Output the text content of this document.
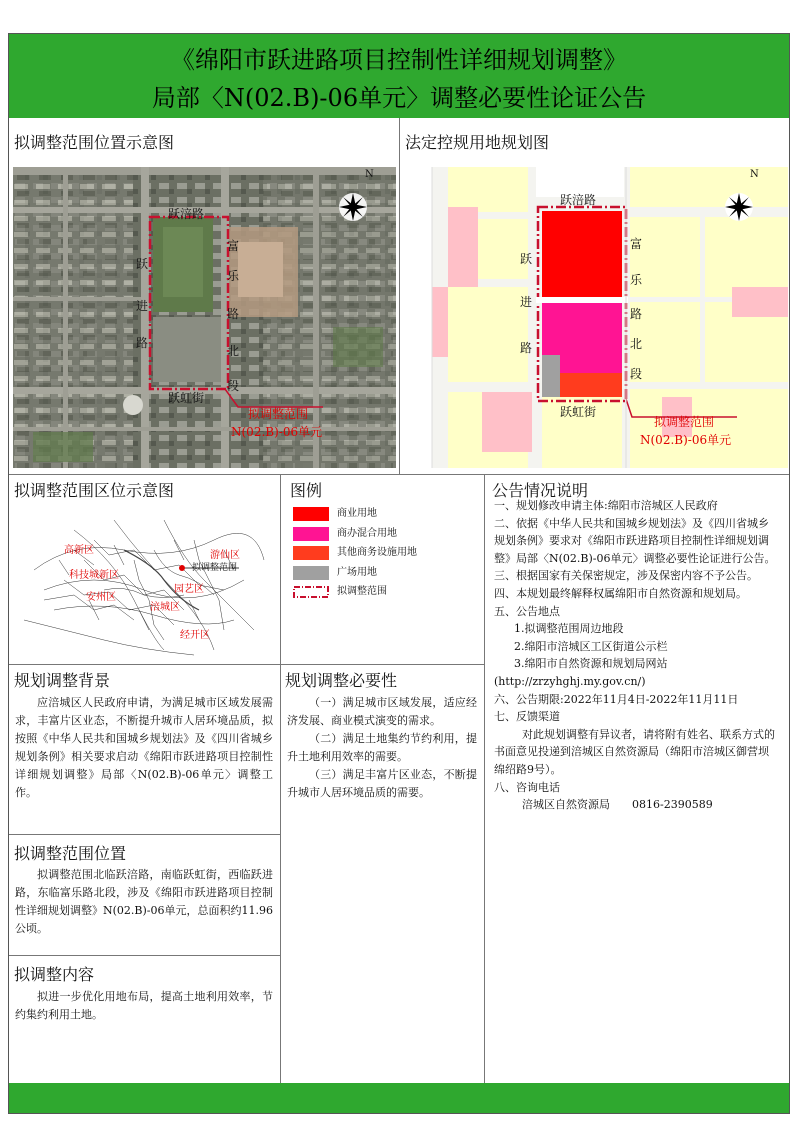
《绵阳市跃进路项目控制性详细规划调整》
局部〈N(02.B)-06单元〉调整必要性论证公告
拟调整范围位置示意图	法定控规用地规划图
拟调整范围区位示意图	图例	公告情况说明
规划调整背景	规划调整必要性
拟调整范围位置
拟调整内容
N
跃涪路
跃虹街
跃
进
路
富
乐
路
北
段
拟调整范围
N(02.B)-06单元
N
跃涪路
跃虹街
跃
进
路
富
乐
路
北
段
拟调整范围
N(02.B)-06单元
高新区
科技城新区
游仙区
涪城区
经开区
安州区
园艺区
拟调整范围
商业用地
商办混合用地
其他商务设施用地
广场用地
拟调整范围
一、规划修改申请主体:绵阳市涪城区人民政府
二、依据《中华人民共和国城乡规划法》及《四川省城乡
规划条例》要求对《绵阳市跃进路项目控制性详细规划调
整》局部〈N(02.B)-06单元〉调整必要性论证进行公告。
三、根据国家有关保密规定，涉及保密内容不予公告。
四、本规划最终解释权属绵阳市自然资源和规划局。
五、公告地点
1.拟调整范围周边地段
2.绵阳市涪城区工区街道公示栏
3.绵阳市自然资源和规划局网站
(http://zrzyhghj.my.gov.cn/)
六、公告期限:2022年11月4日-2022年11月11日
七、反馈渠道
对此规划调整有异议者，请将附有姓名、联系方式的
书面意见投递到涪城区自然资源局（绵阳市涪城区御营坝
绵绍路9号）。
八、咨询电话
涪城区自然资源局　　0816-2390589
应涪城区人民政府申请，为满足城市区域发展需求，丰富片区业态，不断提升城市人居环境品质，拟按照《中华人民共和国城乡规划法》及《四川省城乡规划条例》相关要求启动《绵阳市跃进路项目控制性详细规划调整》局部〈N(02.B)-06单元〉调整工作。
（一）满足城市区域发展，适应经济发展、商业模式演变的需求。
（二）满足土地集约节约利用，提升土地利用效率的需要。
（三）满足丰富片区业态，不断提升城市人居环境品质的需要。
拟调整范围北临跃涪路，南临跃虹街，西临跃进路，东临富乐路北段，涉及《绵阳市跃进路项目控制性详细规划调整》N(02.B)-06单元，总面积约11.96公顷。
拟进一步优化用地布局，提高土地利用效率，节约集约利用土地。
